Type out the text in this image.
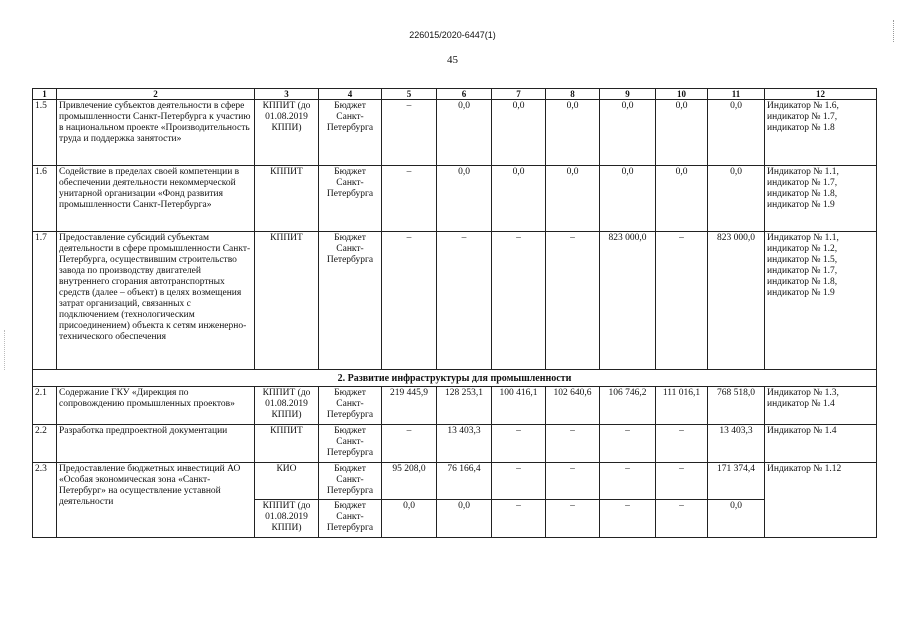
226015/2020-6447(1)
45
1	2	3	4	5	6	7	8	9	10	11	12
1.5	Привлечение субъектов деятельности в сфере промышленности Санкт-Петербурга к участию в национальном проекте «Производительность труда и поддержка занятости»	КППИТ (до 01.08.2019 КППИ)	Бюджет Санкт-Петербурга	–	0,0	0,0	0,0	0,0	0,0	0,0	Индикатор № 1.6, индикатор № 1.7, индикатор № 1.8
1.6	Содействие в пределах своей компетенции в обеспечении деятельности некоммерческой унитарной организации «Фонд развития промышленности Санкт-Петербурга»	КППИТ	Бюджет Санкт-Петербурга	–	0,0	0,0	0,0	0,0	0,0	0,0	Индикатор № 1.1, индикатор № 1.7, индикатор № 1.8, индикатор № 1.9
1.7	Предоставление субсидий субъектам деятельности в сфере промышленности Санкт-Петербурга, осуществившим строительство завода по производству двигателей внутреннего сгорания автотранспортных средств (далее – объект) в целях возмещения затрат организаций, связанных с подключением (технологическим присоединением) объекта к сетям инженерно-технического обеспечения	КППИТ	Бюджет Санкт-Петербурга	–	–	–	–	823 000,0	–	823 000,0	Индикатор № 1.1, индикатор № 1.2, индикатор № 1.5, индикатор № 1.7, индикатор № 1.8, индикатор № 1.9
2. Развитие инфраструктуры для промышленности											
2.1	Содержание ГКУ «Дирекция по сопровождению промышленных проектов»	КППИТ (до 01.08.2019 КППИ)	Бюджет Санкт-Петербурга	219 445,9	128 253,1	100 416,1	102 640,6	106 746,2	111 016,1	768 518,0	Индикатор № 1.3, индикатор № 1.4
2.2	Разработка предпроектной документации	КППИТ	Бюджет Санкт-Петербурга	–	13 403,3	–	–	–	–	13 403,3	Индикатор № 1.4
2.3	Предоставление бюджетных инвестиций АО «Особая экономическая зона «Санкт-Петербург» на осуществление уставной деятельности	КИО	Бюджет Санкт-Петербурга	95 208,0	76 166,4	–	–	–	–	171 374,4	Индикатор № 1.12
		КППИТ (до 01.08.2019 КППИ)	Бюджет Санкт-Петербурга	0,0	0,0	–	–	–	–	0,0	
